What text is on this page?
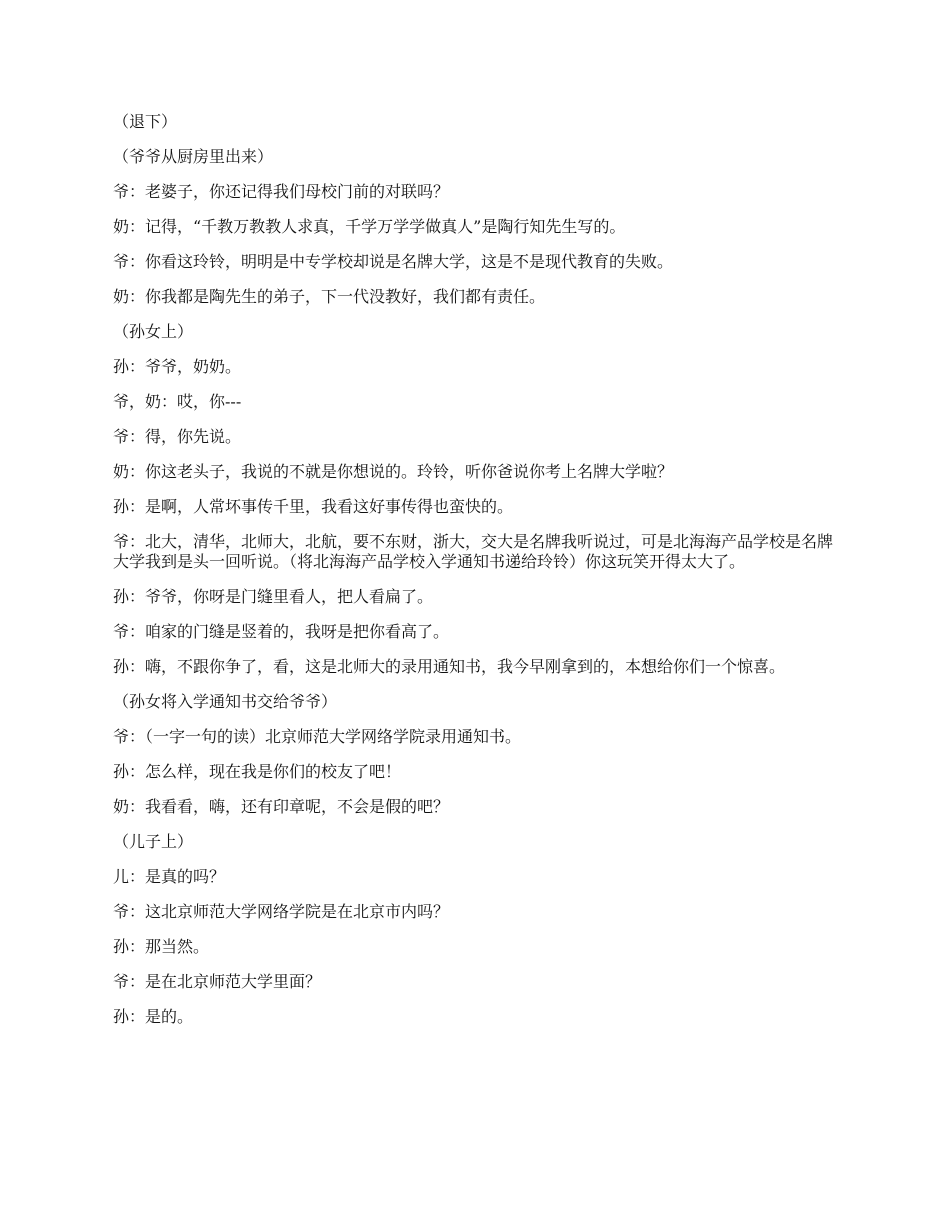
（退下）

（爷爷从厨房里出来）

爷：老婆子，你还记得我们母校门前的对联吗？

奶：记得，“千教万教教人求真，千学万学学做真人”是陶行知先生写的。

爷：你看这玲铃，明明是中专学校却说是名牌大学，这是不是现代教育的失败。

奶：你我都是陶先生的弟子，下一代没教好，我们都有责任。

（孙女上）

孙：爷爷，奶奶。

爷，奶：哎，你---

爷：得，你先说。

奶：你这老头子，我说的不就是你想说的。玲铃，听你爸说你考上名牌大学啦？

孙：是啊，人常坏事传千里，我看这好事传得也蛮快的。

爷：北大，清华，北师大，北航，要不东财，浙大，交大是名牌我听说过，可是北海海产品学校是名牌大学我到是头一回听说。（将北海海产品学校入学通知书递给玲铃）你这玩笑开得太大了。

孙：爷爷，你呀是门缝里看人，把人看扁了。

爷：咱家的门缝是竖着的，我呀是把你看高了。

孙：嗨，不跟你争了，看，这是北师大的录用通知书，我今早刚拿到的，本想给你们一个惊喜。

（孙女将入学通知书交给爷爷）

爷：（一字一句的读）北京师范大学网络学院录用通知书。

孙：怎么样，现在我是你们的校友了吧！

奶：我看看，嗨，还有印章呢，不会是假的吧？

（儿子上）

儿：是真的吗？

爷：这北京师范大学网络学院是在北京市内吗？

孙：那当然。

爷：是在北京师范大学里面？

孙：是的。
